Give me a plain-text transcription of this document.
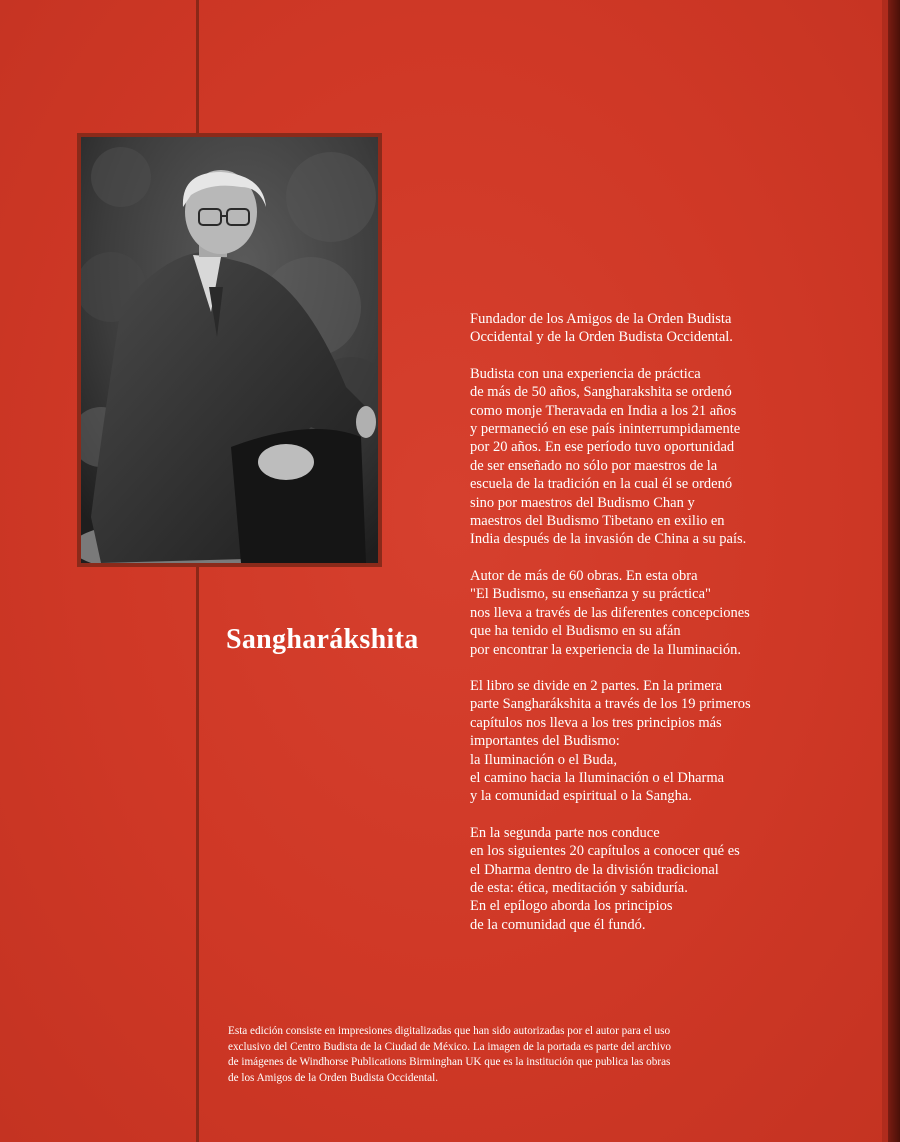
Sangharákshita

Fundador de los Amigos de la Orden Budista
Occidental y de la Orden Budista Occidental.

Budista con una experiencia de práctica
de más de 50 años, Sangharakshita se ordenó
como monje Theravada en India a los 21 años
y permaneció en ese país ininterrumpidamente
por 20 años. En ese período tuvo oportunidad
de ser enseñado no sólo por maestros de la
escuela de la tradición en la cual él se ordenó
sino por maestros del Budismo Chan y
maestros del Budismo Tibetano en exilio en
India después de la invasión de China a su país.

Autor de más de 60 obras. En esta obra
"El Budismo, su enseñanza y su práctica"
nos lleva a través de las diferentes concepciones
que ha tenido el Budismo en su afán
por encontrar la experiencia de la Iluminación.

El libro se divide en 2 partes. En la primera
parte Sangharákshita a través de los 19 primeros
capítulos nos lleva a los tres principios más
importantes del Budismo:
la Iluminación o el Buda,
el camino hacia la Iluminación o el Dharma
y la comunidad espiritual o la Sangha.

En la segunda parte nos conduce
en los siguientes 20 capítulos a conocer qué es
el Dharma dentro de la división tradicional
de esta: ética, meditación y sabiduría.
En el epílogo aborda los principios
de la comunidad que él fundó.

Esta edición consiste en impresiones digitalizadas que han sido autorizadas por el autor para el uso
exclusivo del Centro Budista de la Ciudad de México. La imagen de la portada es parte del archivo
de imágenes de Windhorse Publications Birminghan UK que es la institución que publica las obras
de los Amigos de la Orden Budista Occidental.
